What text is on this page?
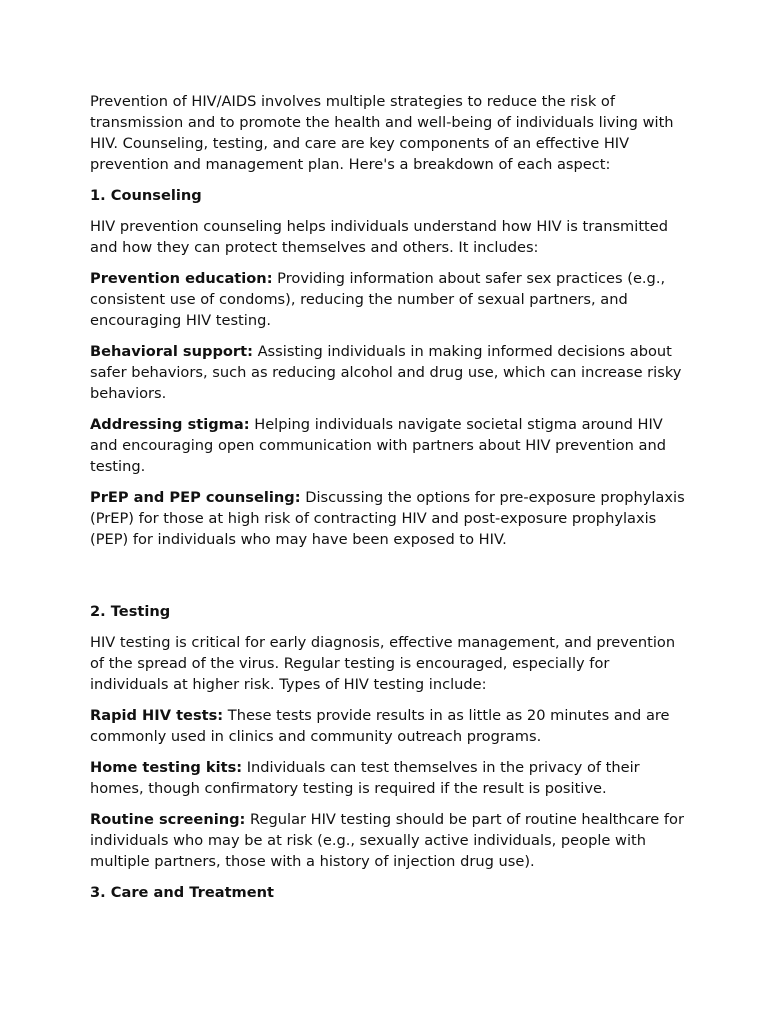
Prevention of HIV/AIDS involves multiple strategies to reduce the risk of transmission and to promote the health and well-being of individuals living with HIV. Counseling, testing, and care are key components of an effective HIV prevention and management plan. Here's a breakdown of each aspect:

1. Counseling

HIV prevention counseling helps individuals understand how HIV is transmitted and how they can protect themselves and others. It includes:

Prevention education: Providing information about safer sex practices (e.g., consistent use of condoms), reducing the number of sexual partners, and encouraging HIV testing.

Behavioral support: Assisting individuals in making informed decisions about safer behaviors, such as reducing alcohol and drug use, which can increase risky behaviors.

Addressing stigma: Helping individuals navigate societal stigma around HIV and encouraging open communication with partners about HIV prevention and testing.

PrEP and PEP counseling: Discussing the options for pre-exposure prophylaxis (PrEP) for those at high risk of contracting HIV and post-exposure prophylaxis (PEP) for individuals who may have been exposed to HIV.

2. Testing

HIV testing is critical for early diagnosis, effective management, and prevention of the spread of the virus. Regular testing is encouraged, especially for individuals at higher risk. Types of HIV testing include:

Rapid HIV tests: These tests provide results in as little as 20 minutes and are commonly used in clinics and community outreach programs.

Home testing kits: Individuals can test themselves in the privacy of their homes, though confirmatory testing is required if the result is positive.

Routine screening: Regular HIV testing should be part of routine healthcare for individuals who may be at risk (e.g., sexually active individuals, people with multiple partners, those with a history of injection drug use).

3. Care and Treatment
